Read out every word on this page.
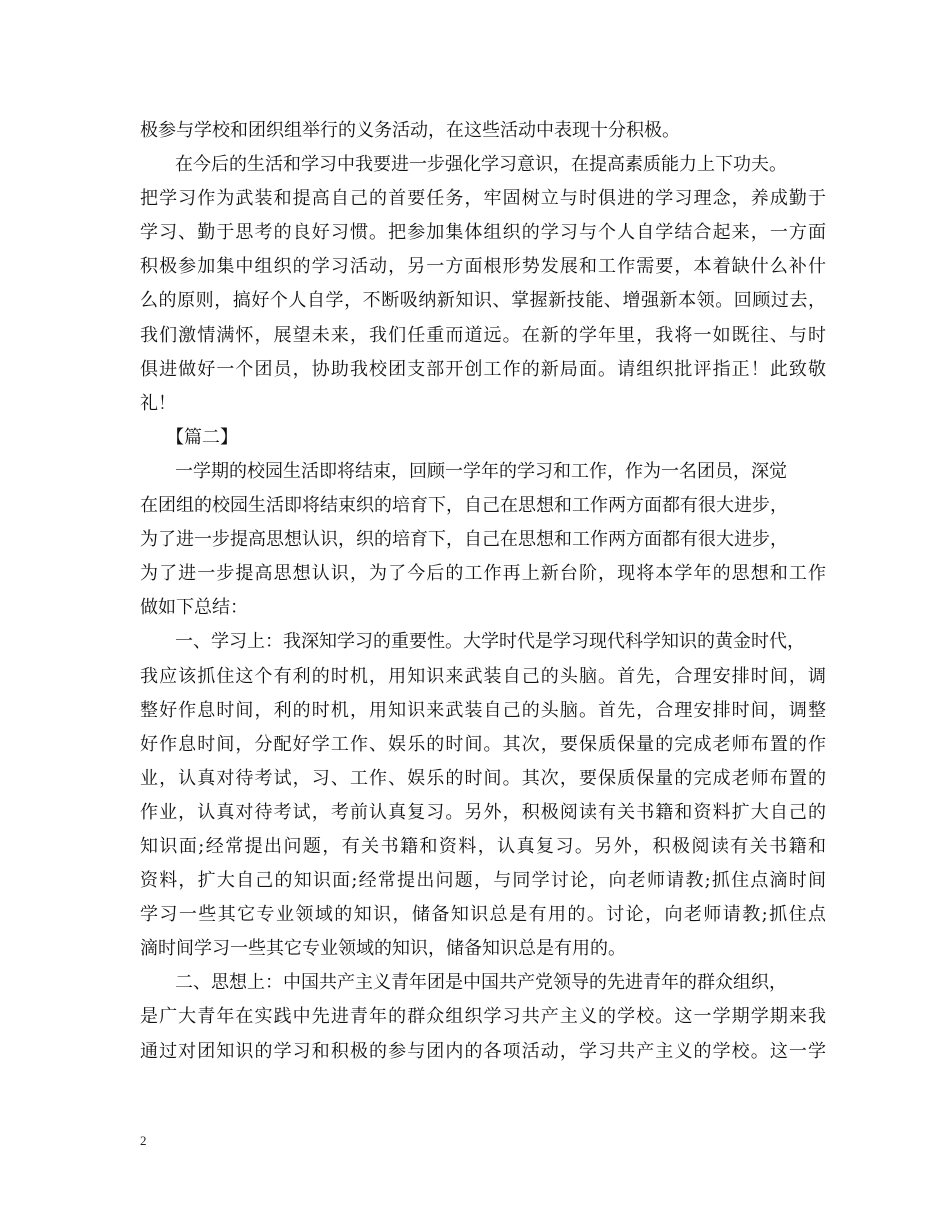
极参与学校和团织组举行的义务活动，在这些活动中表现十分积极。
在今后的生活和学习中我要进一步强化学习意识，在提高素质能力上下功夫。
把学习作为武装和提高自己的首要任务，牢固树立与时俱进的学习理念，养成勤于
学习、勤于思考的良好习惯。把参加集体组织的学习与个人自学结合起来，一方面
积极参加集中组织的学习活动，另一方面根形势发展和工作需要，本着缺什么补什
么的原则，搞好个人自学，不断吸纳新知识、掌握新技能、增强新本领。回顾过去，
我们激情满怀，展望未来，我们任重而道远。在新的学年里，我将一如既往、与时
俱进做好一个团员，协助我校团支部开创工作的新局面。请组织批评指正！此致敬
礼！
【篇二】
一学期的校园生活即将结束，回顾一学年的学习和工作，作为一名团员，深觉
在团组的校园生活即将结束织的培育下，自己在思想和工作两方面都有很大进步，
为了进一步提高思想认识，织的培育下，自己在思想和工作两方面都有很大进步，
为了进一步提高思想认识，为了今后的工作再上新台阶，现将本学年的思想和工作
做如下总结：
一、学习上：我深知学习的重要性。大学时代是学习现代科学知识的黄金时代，
我应该抓住这个有利的时机，用知识来武装自己的头脑。首先，合理安排时间，调
整好作息时间，利的时机，用知识来武装自己的头脑。首先，合理安排时间，调整
好作息时间，分配好学工作、娱乐的时间。其次，要保质保量的完成老师布置的作
业，认真对待考试，习、工作、娱乐的时间。其次，要保质保量的完成老师布置的
作业，认真对待考试，考前认真复习。另外，积极阅读有关书籍和资料扩大自己的
知识面;经常提出问题，有关书籍和资料，认真复习。另外，积极阅读有关书籍和
资料，扩大自己的知识面;经常提出问题，与同学讨论，向老师请教;抓住点滴时间
学习一些其它专业领域的知识，储备知识总是有用的。讨论，向老师请教;抓住点
滴时间学习一些其它专业领域的知识，储备知识总是有用的。
二、思想上：中国共产主义青年团是中国共产党领导的先进青年的群众组织，
是广大青年在实践中先进青年的群众组织学习共产主义的学校。这一学期学期来我
通过对团知识的学习和积极的参与团内的各项活动，学习共产主义的学校。这一学
2
